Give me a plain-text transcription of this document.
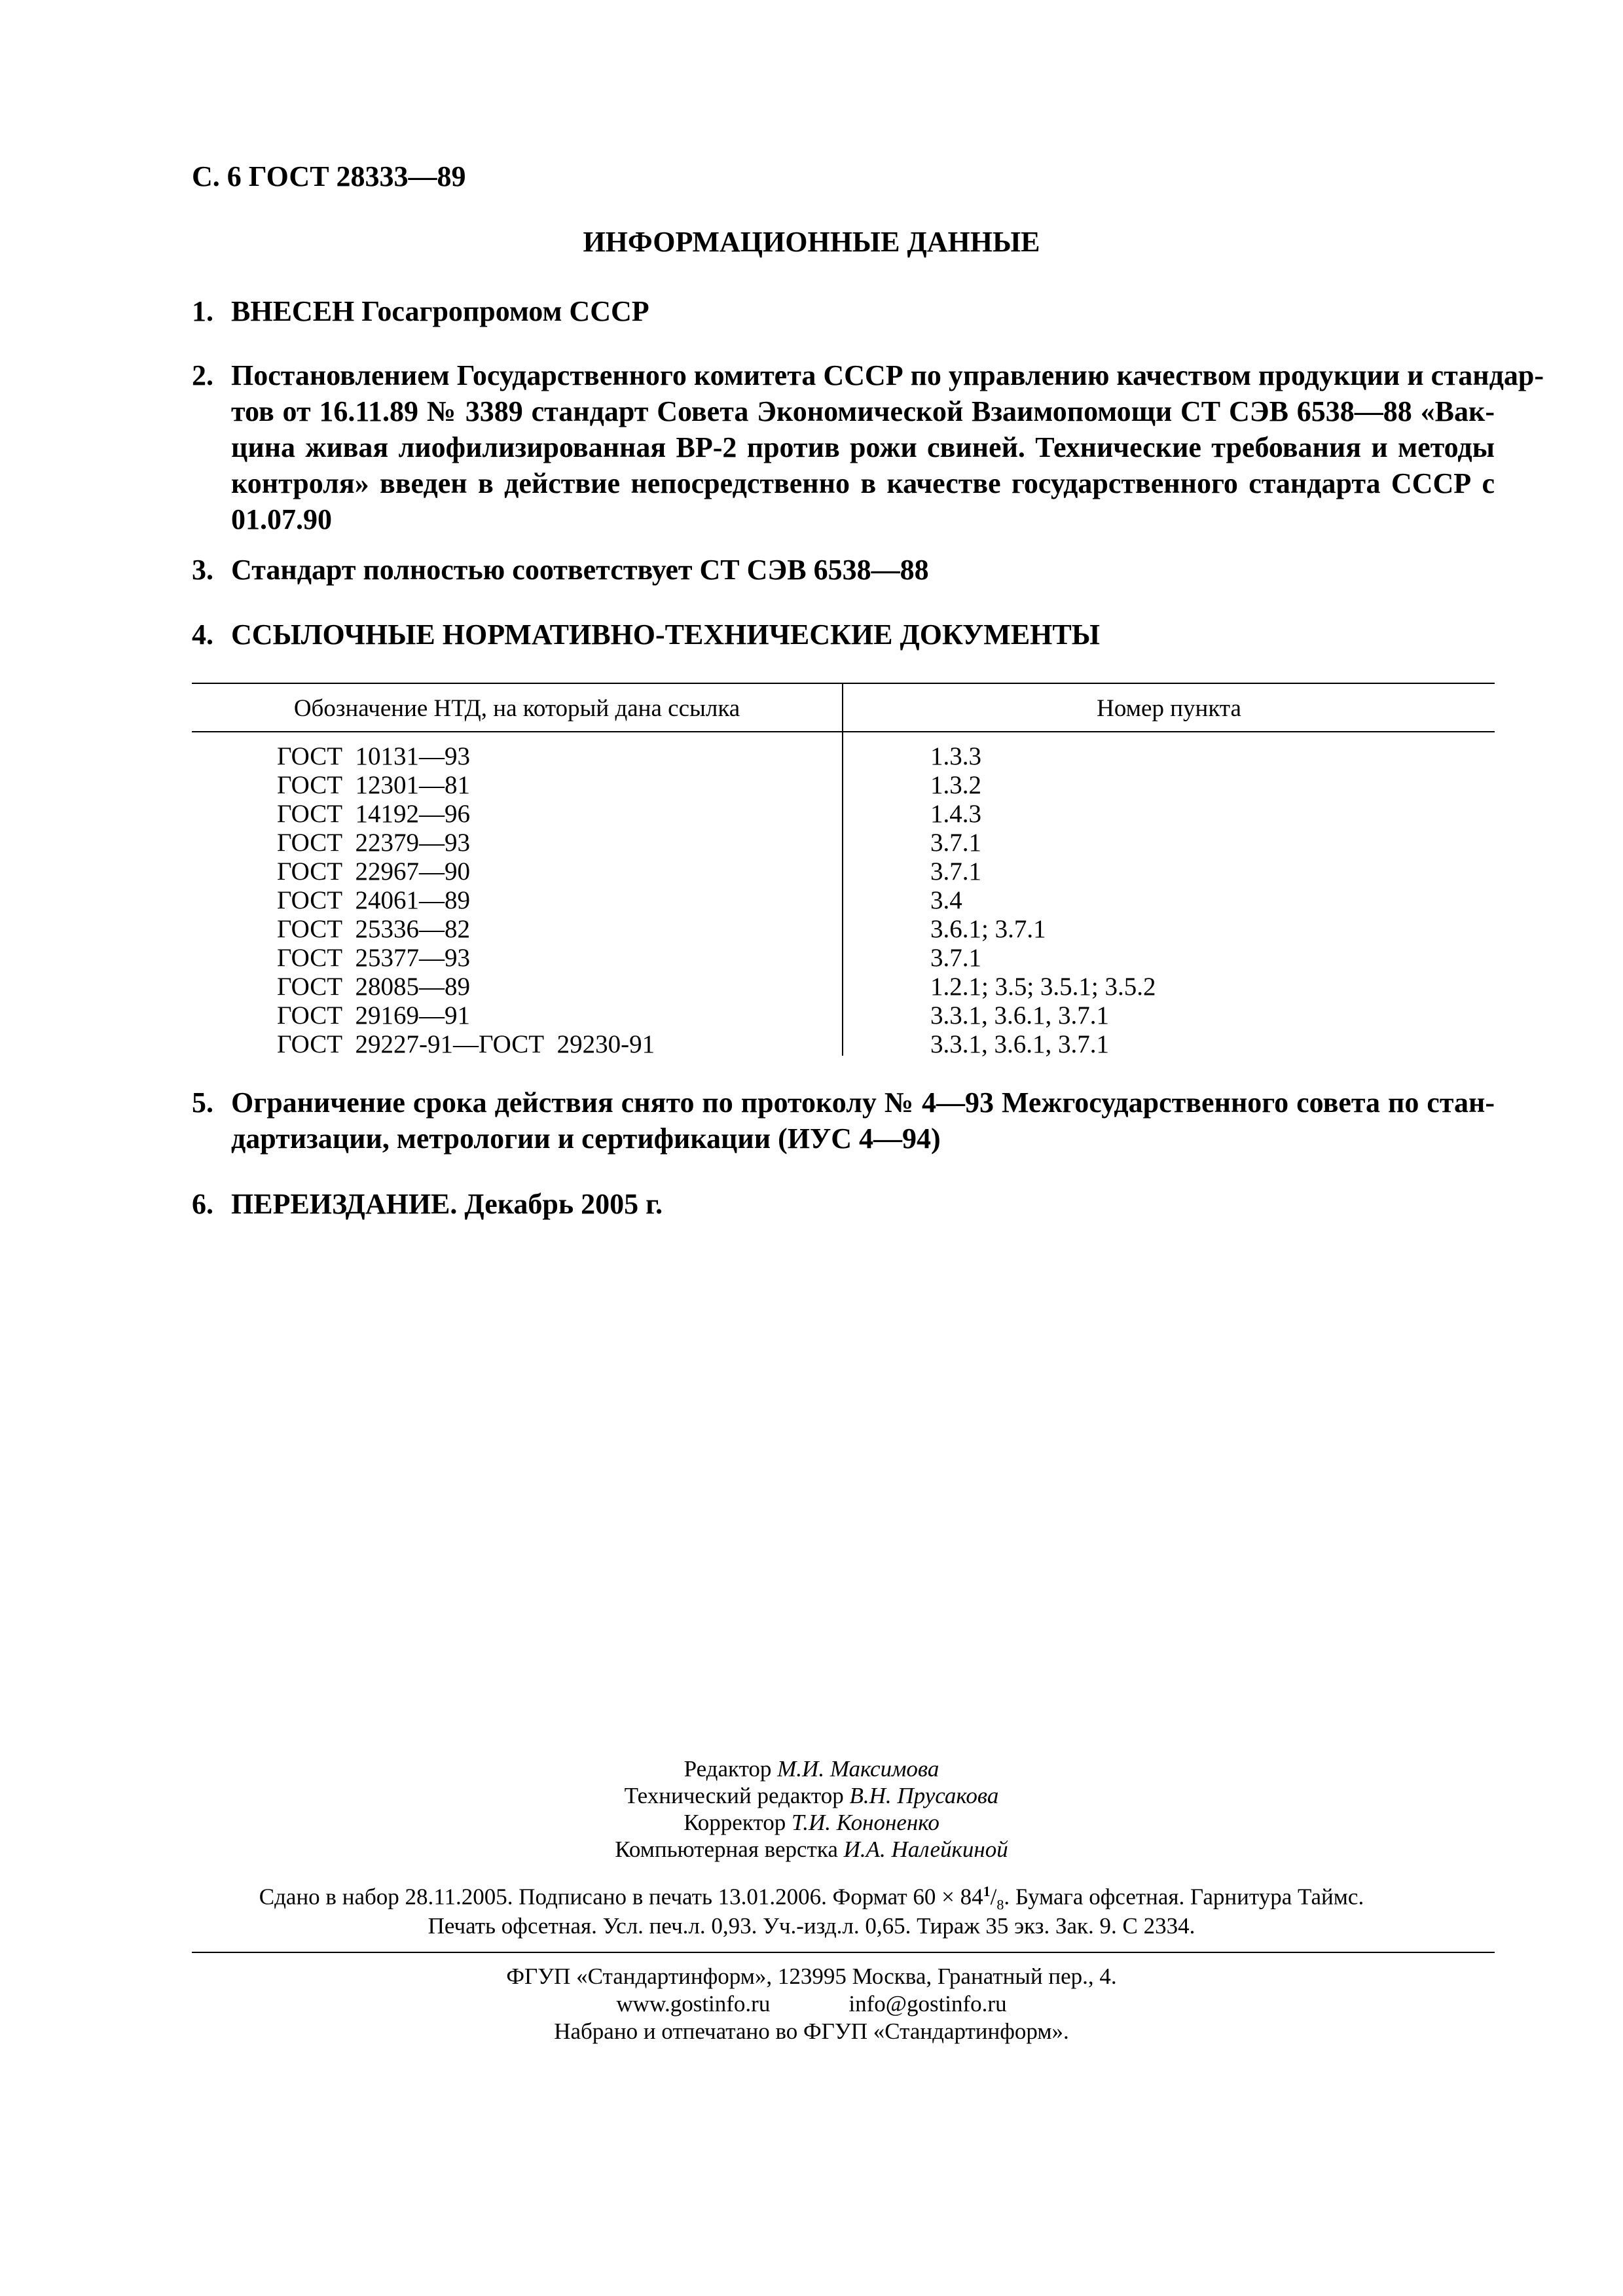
С. 6 ГОСТ 28333—89
ИНФОРМАЦИОННЫЕ ДАННЫЕ
1. ВНЕСЕН Госагропромом СССР
2. Постановлением Государственного комитета СССР по управлению качеством продукции и стандар-
тов от 16.11.89 № 3389 стандарт Совета Экономической Взаимопомощи СТ СЭВ 6538—88 «Вак-
цина живая лиофилизированная ВР-2 против рожи свиней. Технические требования и методы
контроля» введен в действие непосредственно в качестве государственного стандарта СССР с
01.07.90
3. Стандарт полностью соответствует СТ СЭВ 6538—88
4. ССЫЛОЧНЫЕ НОРМАТИВНО-ТЕХНИЧЕСКИЕ ДОКУМЕНТЫ
Обозначение НТД, на который дана ссылка	Номер пункта
ГОСТ  10131—93	1.3.3
ГОСТ  12301—81	1.3.2
ГОСТ  14192—96	1.4.3
ГОСТ  22379—93	3.7.1
ГОСТ  22967—90	3.7.1
ГОСТ  24061—89	3.4
ГОСТ  25336—82	3.6.1; 3.7.1
ГОСТ  25377—93	3.7.1
ГОСТ  28085—89	1.2.1; 3.5; 3.5.1; 3.5.2
ГОСТ  29169—91	3.3.1, 3.6.1, 3.7.1
ГОСТ  29227-91—ГОСТ  29230-91	3.3.1, 3.6.1, 3.7.1
5. Ограничение срока действия снято по протоколу № 4—93 Межгосударственного совета по стан-
дартизации, метрологии и сертификации (ИУС 4—94)
6. ПЕРЕИЗДАНИЕ. Декабрь 2005 г.
Редактор М.И. Максимова
Технический редактор В.Н. Прусакова
Корректор Т.И. Кононенко
Компьютерная верстка И.А. Налейкиной
Сдано в набор 28.11.2005. Подписано в печать 13.01.2006. Формат $60 \times 84^1/_8$. Бумага офсетная. Гарнитура Таймс.
Печать офсетная. Усл. печ.л. 0,93. Уч.-изд.л. 0,65. Тираж 35 экз. Зак. 9. С 2334.
ФГУП «Стандартинформ», 123995 Москва, Гранатный пер., 4.
www.gostinfo.ru	info@gostinfo.ru
Набрано и отпечатано во ФГУП «Стандартинформ».
